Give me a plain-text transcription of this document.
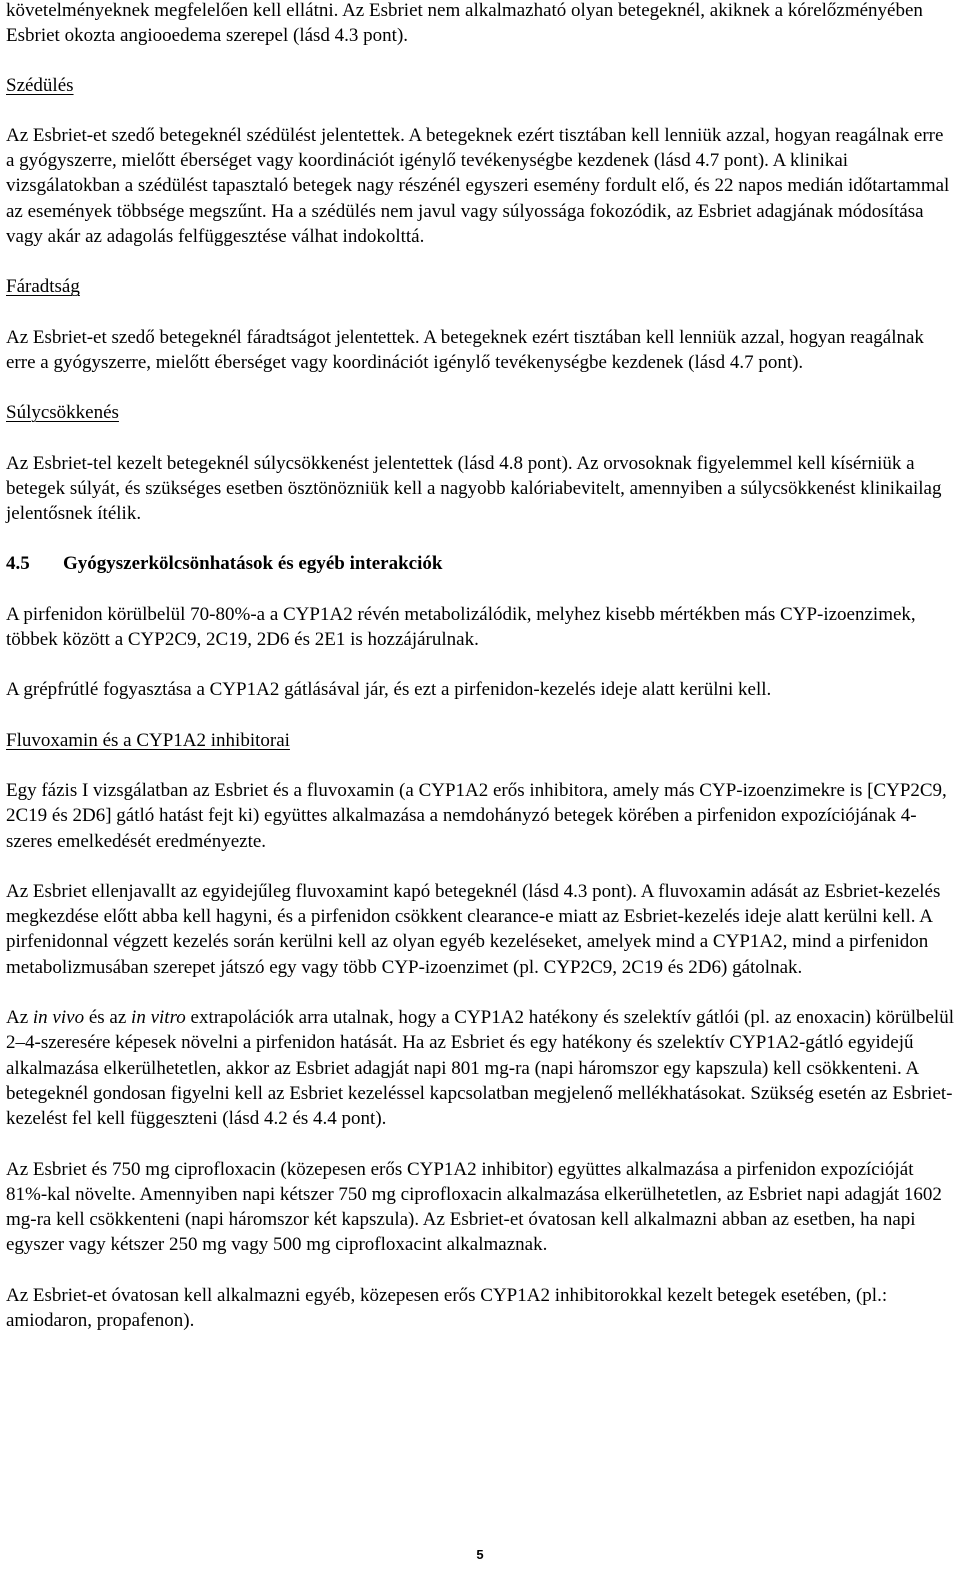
követelményeknek megfelelően kell ellátni. Az Esbriet nem alkalmazható olyan betegeknél, akiknek a kórelőzményében Esbriet okozta angiooedema szerepel (lásd 4.3 pont).

Szédülés

Az Esbriet-et szedő betegeknél szédülést jelentettek. A betegeknek ezért tisztában kell lenniük azzal, hogyan reagálnak erre a gyógyszerre, mielőtt éberséget vagy koordinációt igénylő tevékenységbe kezdenek (lásd 4.7 pont). A klinikai vizsgálatokban a szédülést tapasztaló betegek nagy részénél egyszeri esemény fordult elő, és 22 napos medián időtartammal az események többsége megszűnt. Ha a szédülés nem javul vagy súlyossága fokozódik, az Esbriet adagjának módosítása vagy akár az adagolás felfüggesztése válhat indokolttá.

Fáradtság

Az Esbriet-et szedő betegeknél fáradtságot jelentettek. A betegeknek ezért tisztában kell lenniük azzal, hogyan reagálnak erre a gyógyszerre, mielőtt éberséget vagy koordinációt igénylő tevékenységbe kezdenek (lásd 4.7 pont).

Súlycsökkenés

Az Esbriet-tel kezelt betegeknél súlycsökkenést jelentettek (lásd 4.8 pont). Az orvosoknak figyelemmel kell kísérniük a betegek súlyát, és szükséges esetben ösztönözniük kell a nagyobb kalóriabevitelt, amennyiben a súlycsökkenést klinikailag jelentősnek ítélik.

4.5 Gyógyszerkölcsönhatások és egyéb interakciók

A pirfenidon körülbelül 70-80%-a a CYP1A2 révén metabolizálódik, melyhez kisebb mértékben más CYP-izoenzimek, többek között a CYP2C9, 2C19, 2D6 és 2E1 is hozzájárulnak.

A grépfrútlé fogyasztása a CYP1A2 gátlásával jár, és ezt a pirfenidon-kezelés ideje alatt kerülni kell.

Fluvoxamin és a CYP1A2 inhibitorai

Egy fázis I vizsgálatban az Esbriet és a fluvoxamin (a CYP1A2 erős inhibitora, amely más CYP-izoenzimekre is [CYP2C9, 2C19 és 2D6] gátló hatást fejt ki) együttes alkalmazása a nemdohányzó betegek körében a pirfenidon expozíciójának 4-szeres emelkedését eredményezte.

Az Esbriet ellenjavallt az egyidejűleg fluvoxamint kapó betegeknél (lásd 4.3 pont). A fluvoxamin adását az Esbriet-kezelés megkezdése előtt abba kell hagyni, és a pirfenidon csökkent clearance-e miatt az Esbriet-kezelés ideje alatt kerülni kell. A pirfenidonnal végzett kezelés során kerülni kell az olyan egyéb kezeléseket, amelyek mind a CYP1A2, mind a pirfenidon metabolizmusában szerepet játszó egy vagy több CYP-izoenzimet (pl. CYP2C9, 2C19 és 2D6) gátolnak.

Az in vivo és az in vitro extrapolációk arra utalnak, hogy a CYP1A2 hatékony és szelektív gátlói (pl. az enoxacin) körülbelül 2–4-szeresére képesek növelni a pirfenidon hatását. Ha az Esbriet és egy hatékony és szelektív CYP1A2-gátló egyidejű alkalmazása elkerülhetetlen, akkor az Esbriet adagját napi 801 mg-ra (napi háromszor egy kapszula) kell csökkenteni. A betegeknél gondosan figyelni kell az Esbriet kezeléssel kapcsolatban megjelenő mellékhatásokat. Szükség esetén az Esbriet-kezelést fel kell függeszteni (lásd 4.2 és 4.4 pont).

Az Esbriet és 750 mg ciprofloxacin (közepesen erős CYP1A2 inhibitor) együttes alkalmazása a pirfenidon expozícióját 81%-kal növelte. Amennyiben napi kétszer 750 mg ciprofloxacin alkalmazása elkerülhetetlen, az Esbriet napi adagját 1602 mg-ra kell csökkenteni (napi háromszor két kapszula). Az Esbriet-et óvatosan kell alkalmazni abban az esetben, ha napi egyszer vagy kétszer 250 mg vagy 500 mg ciprofloxacint alkalmaznak.

Az Esbriet-et óvatosan kell alkalmazni egyéb, közepesen erős CYP1A2 inhibitorokkal kezelt betegek esetében, (pl.: amiodaron, propafenon).

5
